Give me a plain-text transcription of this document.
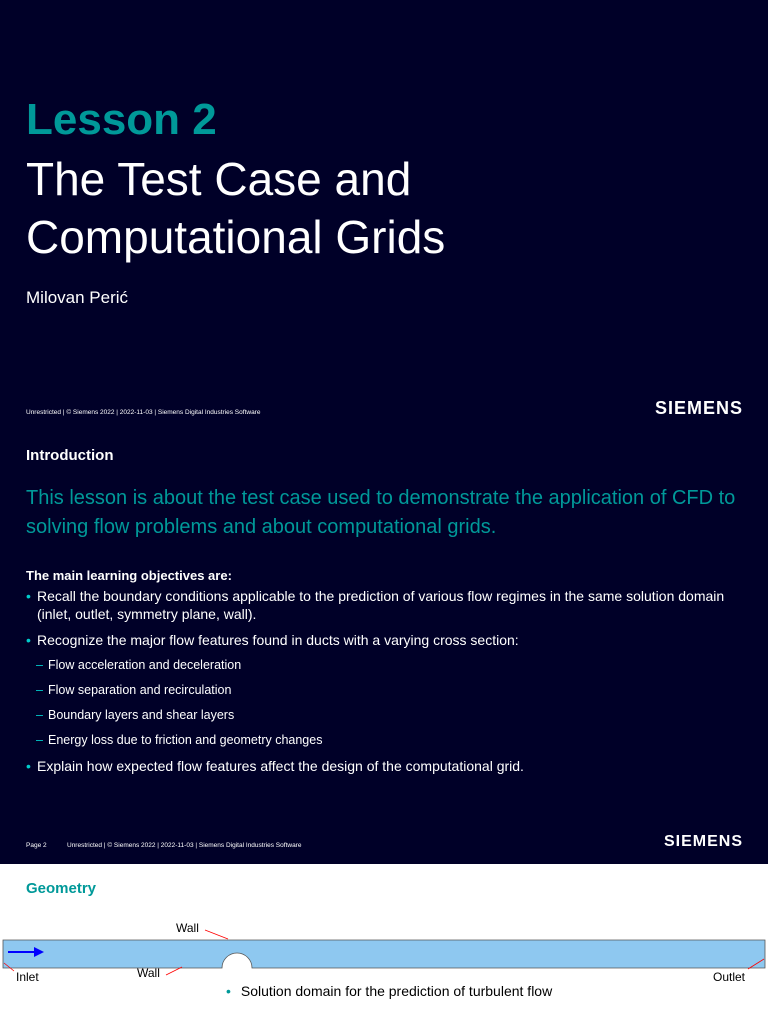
Lesson 2
The Test Case and
Computational Grids
Milovan Perić
Unrestricted | © Siemens 2022 | 2022-11-03 | Siemens Digital Industries Software	SIEMENS
Introduction
This lesson is about the test case used to demonstrate the application of CFD to solving flow problems and about computational grids.
The main learning objectives are:
• Recall the boundary conditions applicable to the prediction of various flow regimes in the same solution domain (inlet, outlet, symmetry plane, wall).
• Recognize the major flow features found in ducts with a varying cross section:
– Flow acceleration and deceleration
– Flow separation and recirculation
– Boundary layers and shear layers
– Energy loss due to friction and geometry changes
• Explain how expected flow features affect the design of the computational grid.
Page 2	Unrestricted | © Siemens 2022 | 2022-11-03 | Siemens Digital Industries Software	SIEMENS
Geometry
Wall
Wall
Inlet	Outlet
• Solution domain for the prediction of turbulent flow
